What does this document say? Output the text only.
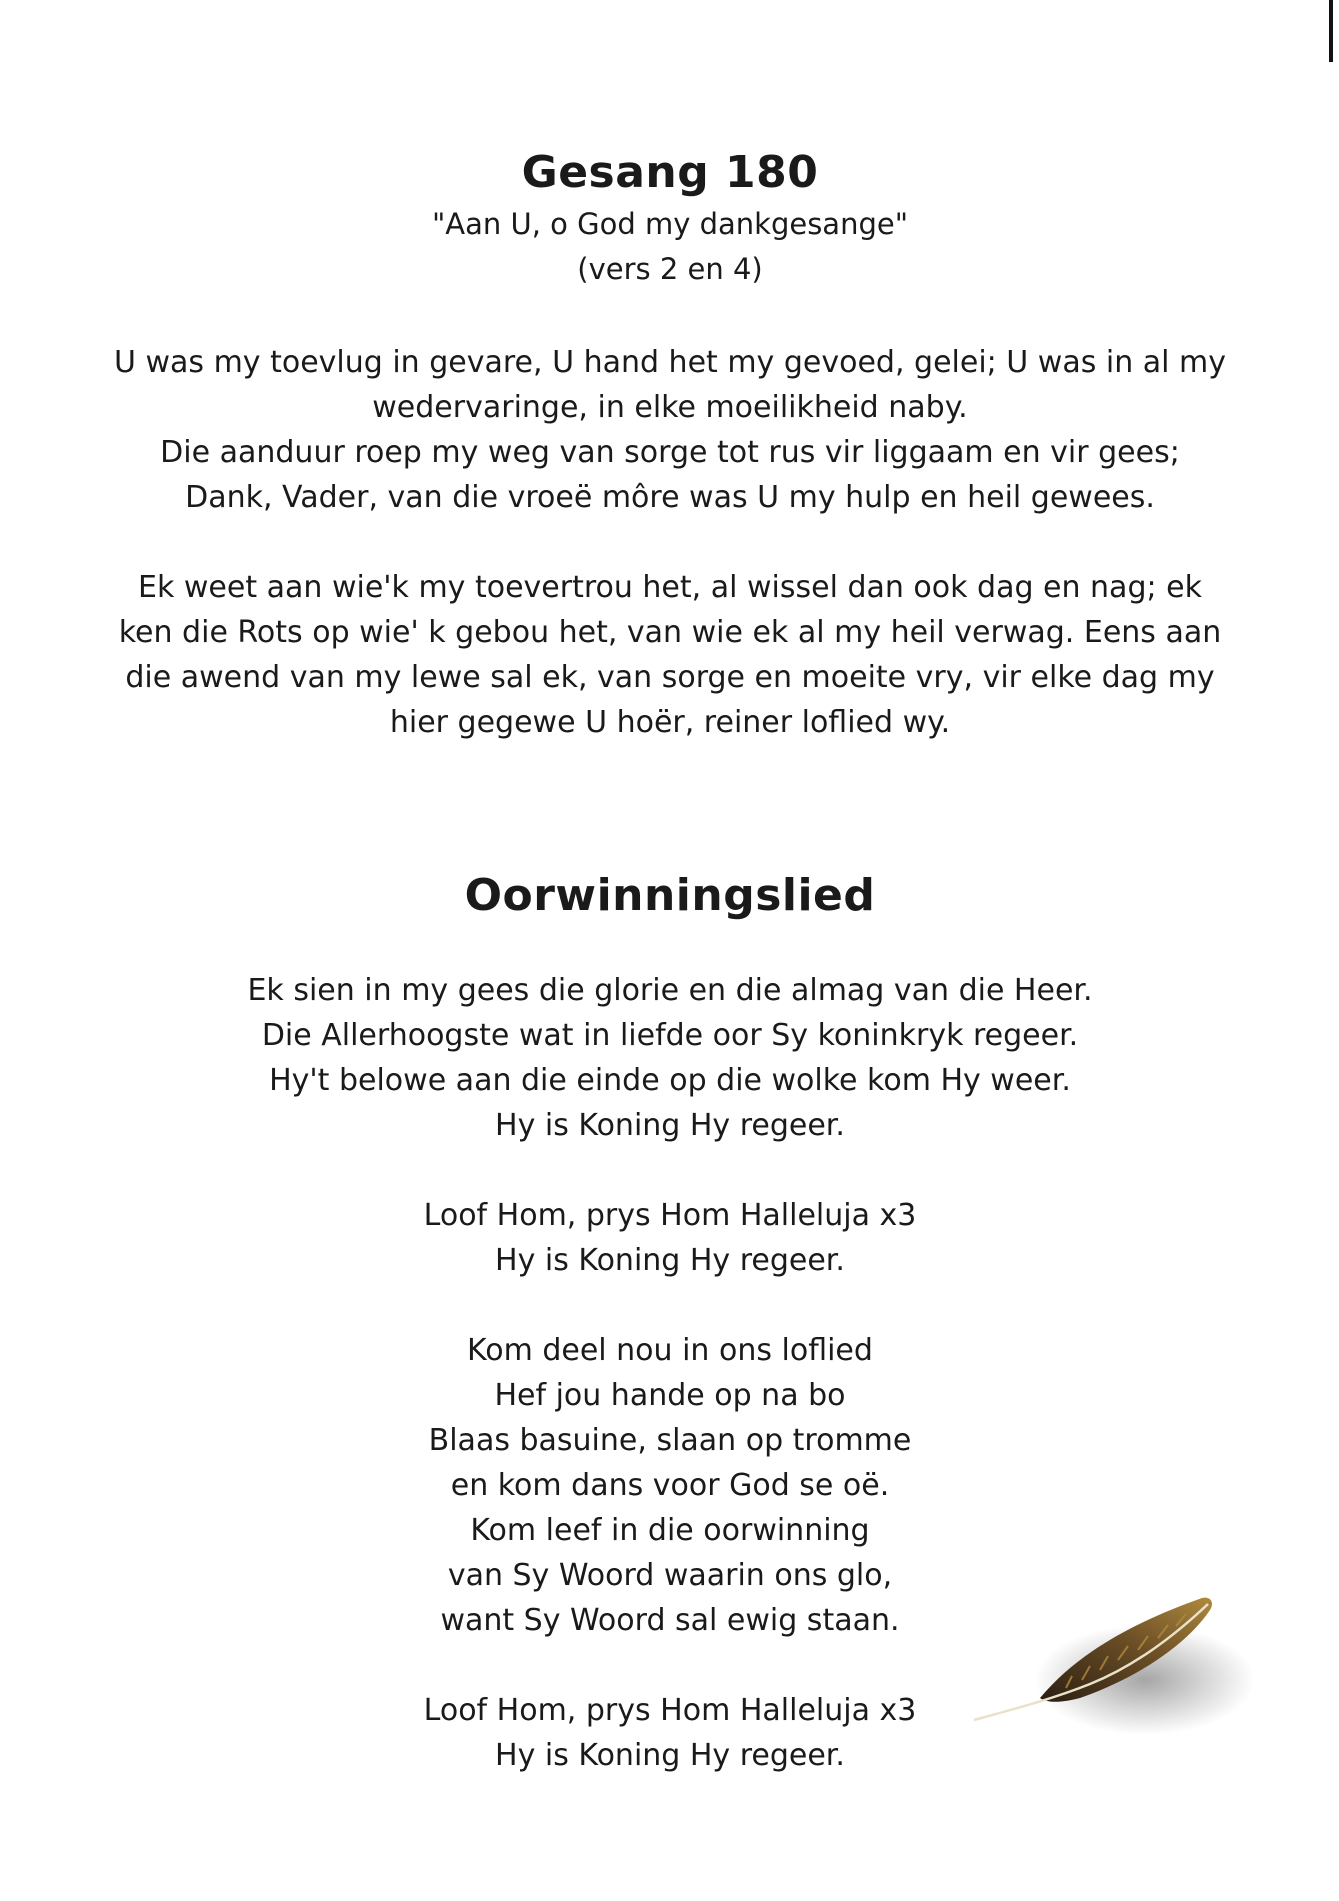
Gesang 180
"Aan U, o God my dankgesange"
(vers 2 en 4)

U was my toevlug in gevare, U hand het my gevoed, gelei; U was in al my
wedervaringe, in elke moeilikheid naby.
Die aanduur roep my weg van sorge tot rus vir liggaam en vir gees;
Dank, Vader, van die vroeë môre was U my hulp en heil gewees.

Ek weet aan wie'k my toevertrou het, al wissel dan ook dag en nag; ek
ken die Rots op wie' k gebou het, van wie ek al my heil verwag. Eens aan
die awend van my lewe sal ek, van sorge en moeite vry, vir elke dag my
hier gegewe U hoër, reiner loflied wy.

Oorwinningslied

Ek sien in my gees die glorie en die almag van die Heer.
Die Allerhoogste wat in liefde oor Sy koninkryk regeer.
Hy't belowe aan die einde op die wolke kom Hy weer.
Hy is Koning Hy regeer.

Loof Hom, prys Hom Halleluja x3
Hy is Koning Hy regeer.

Kom deel nou in ons loflied
Hef jou hande op na bo
Blaas basuine, slaan op tromme
en kom dans voor God se oë.
Kom leef in die oorwinning
van Sy Woord waarin ons glo,
want Sy Woord sal ewig staan.

Loof Hom, prys Hom Halleluja x3
Hy is Koning Hy regeer.
